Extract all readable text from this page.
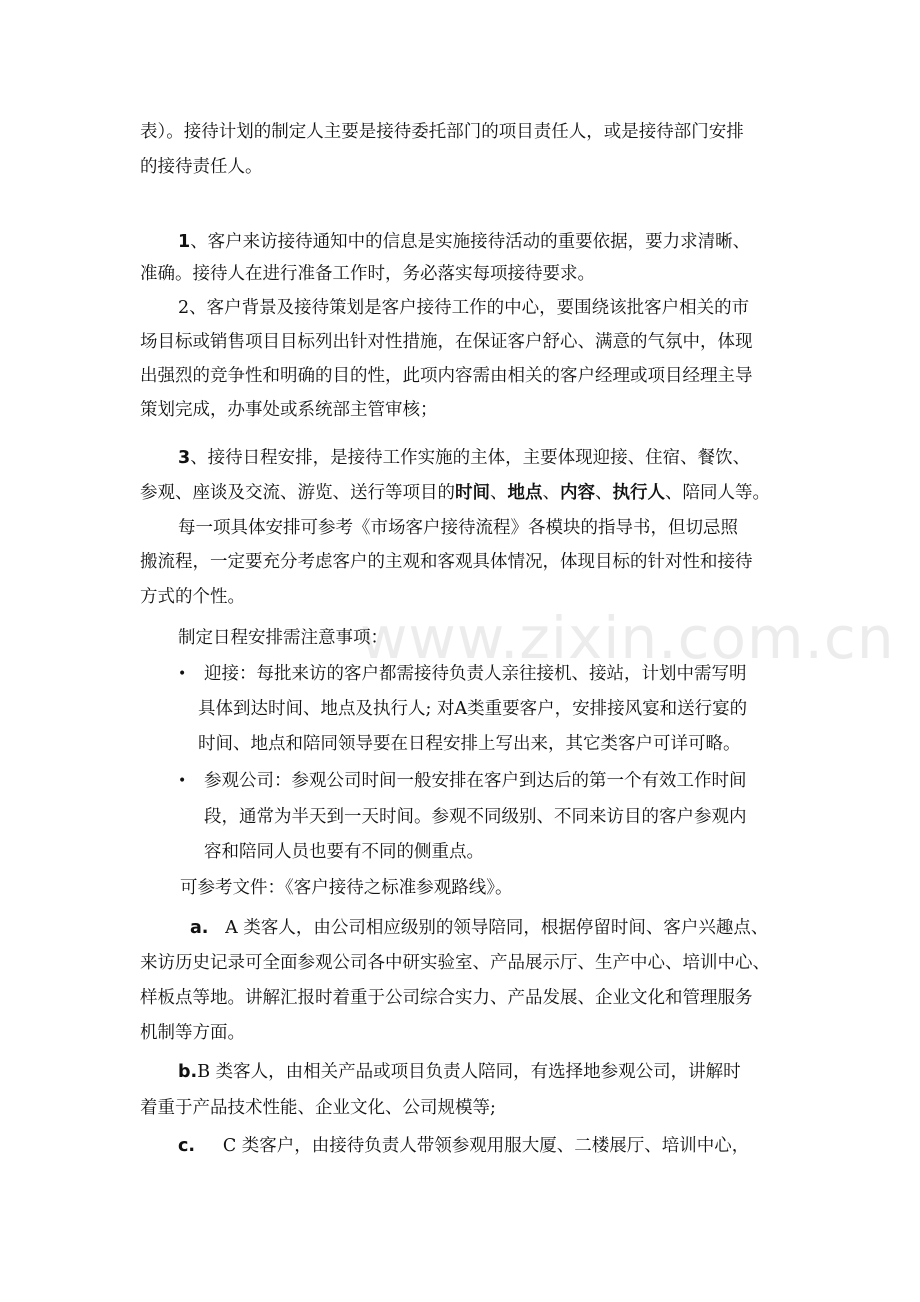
www.zixin.com.cn
表）。接待计划的制定人主要是接待委托部门的项目责任人，或是接待部门安排
的接待责任人。
1、客户来访接待通知中的信息是实施接待活动的重要依据，要力求清晰、
准确。接待人在进行准备工作时，务必落实每项接待要求。
2、客户背景及接待策划是客户接待工作的中心，要围绕该批客户相关的市
场目标或销售项目目标列出针对性措施，在保证客户舒心、满意的气氛中，体现
出强烈的竞争性和明确的目的性，此项内容需由相关的客户经理或项目经理主导
策划完成，办事处或系统部主管审核；
3、接待日程安排，是接待工作实施的主体，主要体现迎接、住宿、餐饮、
参观、座谈及交流、游览、送行等项目的时间、地点、内容、执行人、陪同人等。
每一项具体安排可参考《市场客户接待流程》各模块的指导书，但切忌照
搬流程，一定要充分考虑客户的主观和客观具体情况，体现目标的针对性和接待
方式的个性。
制定日程安排需注意事项：
• 迎接：每批来访的客户都需接待负责人亲往接机、接站，计划中需写明
具体到达时间、地点及执行人; 对A类重要客户，安排接风宴和送行宴的
时间、地点和陪同领导要在日程安排上写出来，其它类客户可详可略。
• 参观公司：参观公司时间一般安排在客户到达后的第一个有效工作时间
段，通常为半天到一天时间。参观不同级别、不同来访目的客户参观内
容和陪同人员也要有不同的侧重点。
可参考文件：《客户接待之标准参观路线》。
a. A 类客人，由公司相应级别的领导陪同，根据停留时间、客户兴趣点、
来访历史记录可全面参观公司各中研实验室、产品展示厅、生产中心、培训中心、
样板点等地。讲解汇报时着重于公司综合实力、产品发展、企业文化和管理服务
机制等方面。
b.B 类客人，由相关产品或项目负责人陪同，有选择地参观公司，讲解时
着重于产品技术性能、企业文化、公司规模等;
c. C 类客户，由接待负责人带领参观用服大厦、二楼展厅、培训中心，
